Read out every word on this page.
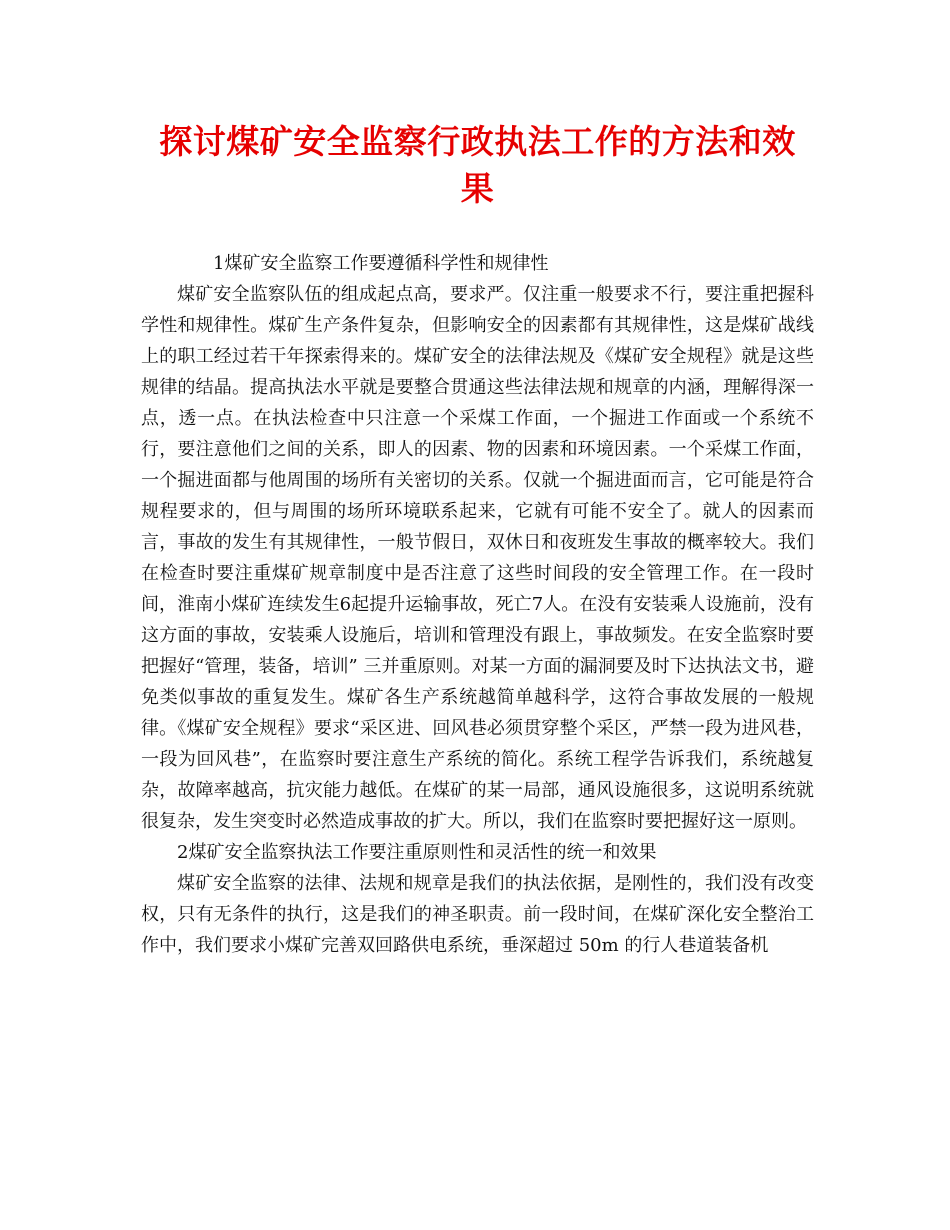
探讨煤矿安全监察行政执法工作的方法和效
果

1煤矿安全监察工作要遵循科学性和规律性

煤矿安全监察队伍的组成起点高，要求严。仅注重一般要求不行，要注重把握科学性和规律性。煤矿生产条件复杂，但影响安全的因素都有其规律性，这是煤矿战线上的职工经过若干年探索得来的。煤矿安全的法律法规及《煤矿安全规程》就是这些规律的结晶。提高执法水平就是要整合贯通这些法律法规和规章的内涵，理解得深一点，透一点。在执法检查中只注意一个采煤工作面，一个掘进工作面或一个系统不行，要注意他们之间的关系，即人的因素、物的因素和环境因素。一个采煤工作面，一个掘进面都与他周围的场所有关密切的关系。仅就一个掘进面而言，它可能是符合规程要求的，但与周围的场所环境联系起来，它就有可能不安全了。就人的因素而言，事故的发生有其规律性，一般节假日，双休日和夜班发生事故的概率较大。我们在检查时要注重煤矿规章制度中是否注意了这些时间段的安全管理工作。在一段时间，淮南小煤矿连续发生6起提升运输事故，死亡7人。在没有安装乘人设施前，没有这方面的事故，安装乘人设施后，培训和管理没有跟上，事故频发。在安全监察时要把握好“管理，装备，培训” 三并重原则。对某一方面的漏洞要及时下达执法文书，避免类似事故的重复发生。煤矿各生产系统越简单越科学，这符合事故发展的一般规律。《煤矿安全规程》要求“采区进、回风巷必须贯穿整个采区，严禁一段为进风巷，一段为回风巷”，在监察时要注意生产系统的简化。系统工程学告诉我们，系统越复杂，故障率越高，抗灾能力越低。在煤矿的某一局部，通风设施很多，这说明系统就很复杂，发生突变时必然造成事故的扩大。所以，我们在监察时要把握好这一原则。

2煤矿安全监察执法工作要注重原则性和灵活性的统一和效果

煤矿安全监察的法律、法规和规章是我们的执法依据，是刚性的，我们没有改变权，只有无条件的执行，这是我们的神圣职责。前一段时间，在煤矿深化安全整治工作中，我们要求小煤矿完善双回路供电系统，垂深超过 50m 的行人巷道装备机
